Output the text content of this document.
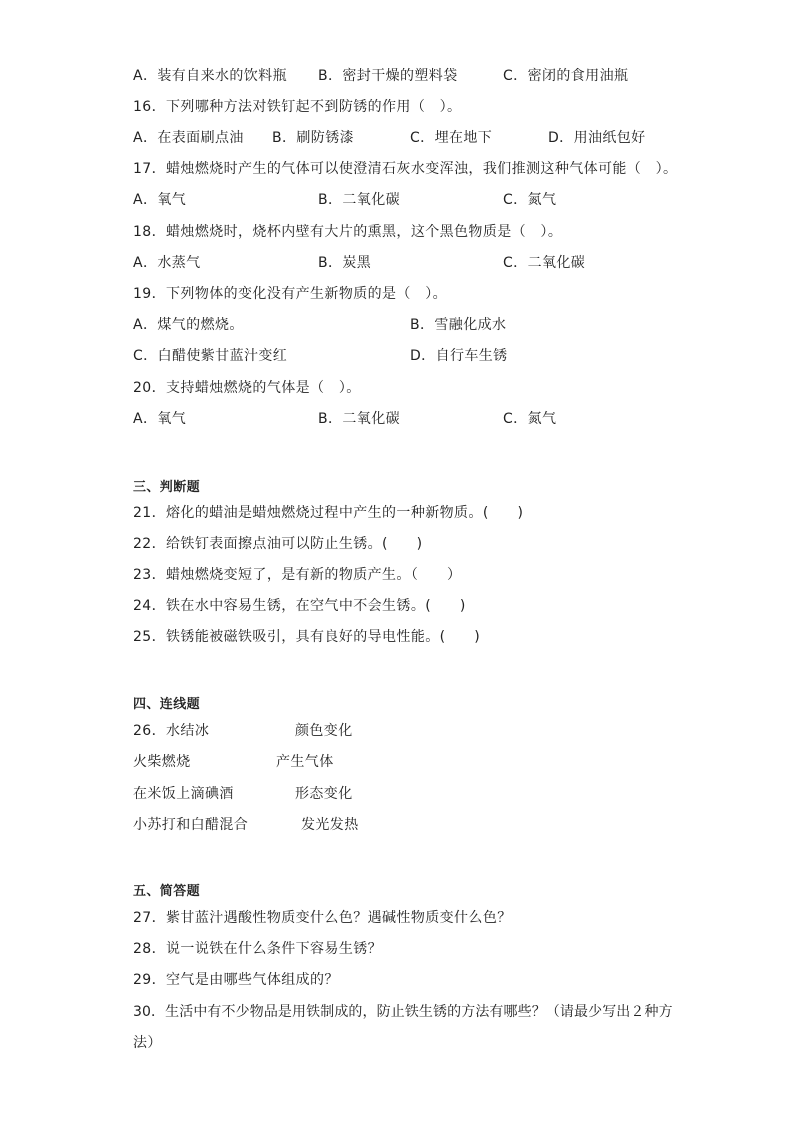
A．装有自来水的饮料瓶 B．密封干燥的塑料袋	C．密闭的食用油瓶
16．下列哪种方法对铁钉起不到防锈的作用（　）。
A．在表面刷点油 B．刷防锈漆	C．埋在地下	D．用油纸包好
17．蜡烛燃烧时产生的气体可以使澄清石灰水变浑浊，我们推测这种气体可能（　）。
A．氧气	B．二氧化碳	C．氮气
18．蜡烛燃烧时，烧杯内壁有大片的熏黑，这个黑色物质是（　）。
A．水蒸气	B．炭黑	C．二氧化碳
19．下列物体的变化没有产生新物质的是（　）。
A．煤气的燃烧。	B．雪融化成水
C．白醋使紫甘蓝汁变红	D．自行车生锈
20．支持蜡烛燃烧的气体是（　）。
A．氧气	B．二氧化碳	C．氮气
三、判断题
21．熔化的蜡油是蜡烛燃烧过程中产生的一种新物质。(　　)
22．给铁钉表面擦点油可以防止生锈。(　　)
23．蜡烛燃烧变短了，是有新的物质产生。（　　）
24．铁在水中容易生锈，在空气中不会生锈。(　　)
25．铁锈能被磁铁吸引，具有良好的导电性能。(　　)
四、连线题
26．水结冰	颜色变化
火柴燃烧	产生气体
在米饭上滴碘酒	形态变化
小苏打和白醋混合	发光发热
五、简答题
27．紫甘蓝汁遇酸性物质变什么色？遇碱性物质变什么色？
28．说一说铁在什么条件下容易生锈？
29．空气是由哪些气体组成的？
30．生活中有不少物品是用铁制成的，防止铁生锈的方法有哪些？（请最少写出２种方
法）
